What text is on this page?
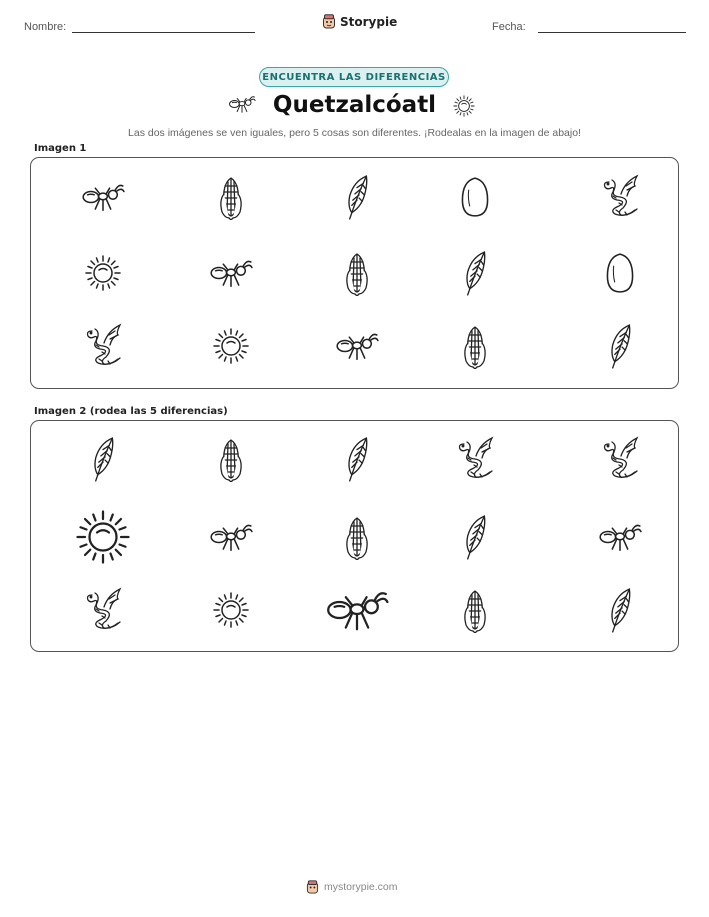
Nombre:	Storypie	Fecha:
ENCUENTRA LAS DIFERENCIAS
Quetzalcóatl
Las dos imágenes se ven iguales, pero 5 cosas son diferentes. ¡Rodealas en la imagen de abajo!
Imagen 1
Imagen 2 (rodea las 5 diferencias)
mystorypie.com
